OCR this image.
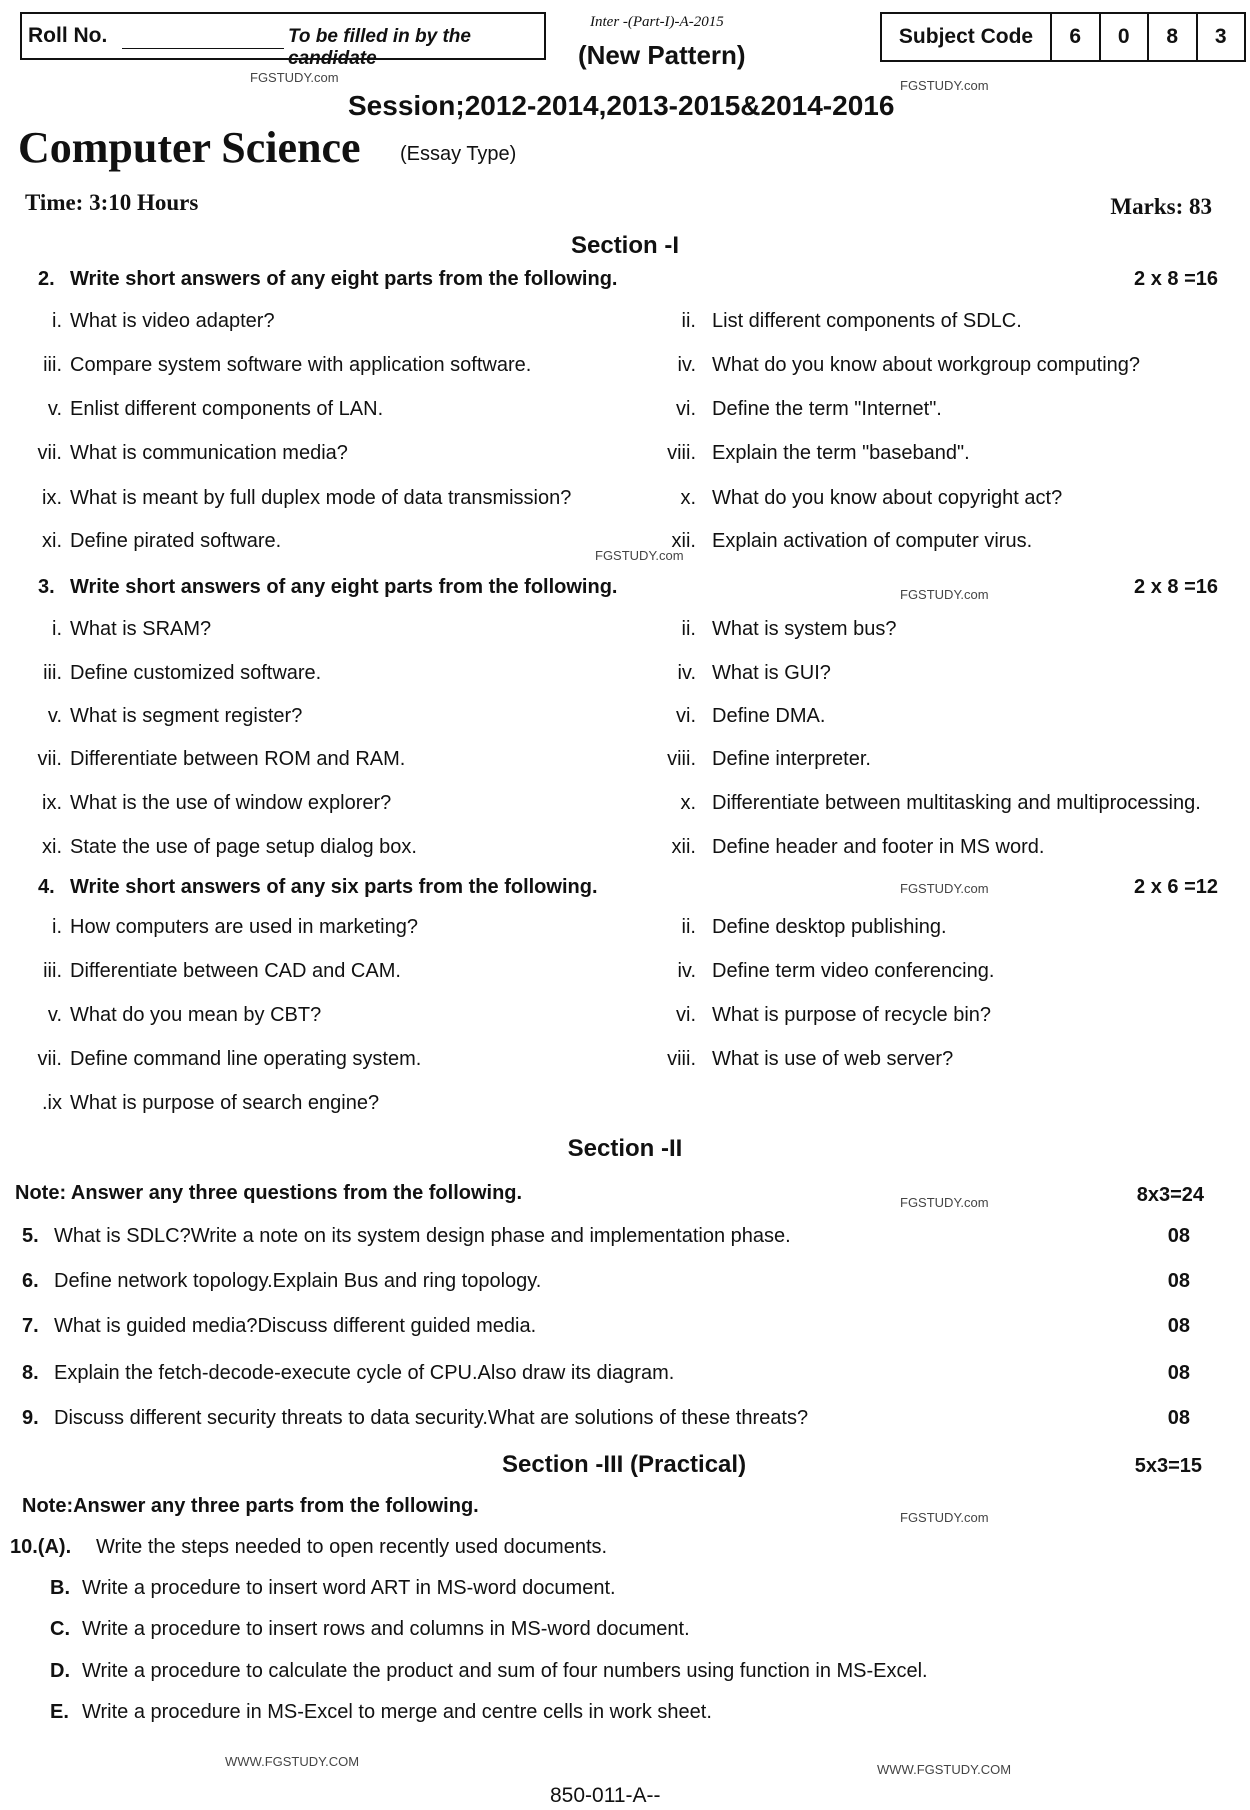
Roll No.	To be filled in by the candidate
Inter -(Part-I)-A-2015
(New Pattern)
Subject Code	6	0	8	3
FGSTUDY.com
FGSTUDY.com
Session;2012-2014,2013-2015&2014-2016
Computer Science (Essay Type)
Time: 3:10 Hours	Marks: 83
Section -I
2. Write short answers of any eight parts from the following.	2 x 8 =16
i. What is video adapter?	ii. List different components of SDLC.
iii. Compare system software with application software.	iv. What do you know about workgroup computing?
v. Enlist different components of LAN.	vi. Define the term "Internet".
vii. What is communication media?	viii. Explain the term "baseband".
ix. What is meant by full duplex mode of data transmission?	x. What do you know about copyright act?
xi. Define pirated software.	xii. Explain activation of computer virus.
3. Write short answers of any eight parts from the following.	2 x 8 =16
i. What is SRAM?	ii. What is system bus?
iii. Define customized software.	iv. What is GUI?
v. What is segment register?	vi. Define DMA.
vii. Differentiate between ROM and RAM.	viii. Define interpreter.
ix. What is the use of window explorer?	x. Differentiate between multitasking and multiprocessing.
xi. State the use of page setup dialog box.	xii. Define header and footer in MS word.
4. Write short answers of any six parts from the following.	2 x 6 =12
i. How computers are used in marketing?	ii. Define desktop publishing.
iii. Differentiate between CAD and CAM.	iv. Define term video conferencing.
v. What do you mean by CBT?	vi. What is purpose of recycle bin?
vii. Define command line operating system.	viii. What is use of web server?
.ix What is purpose of search engine?
Section -II
Note: Answer any three questions from the following.	8x3=24
5. What is SDLC?Write a note on its system design phase and implementation phase.	08
6. Define network topology.Explain Bus and ring topology.	08
7. What is guided media?Discuss different guided media.	08
8. Explain the fetch-decode-execute cycle of CPU.Also draw its diagram.	08
9. Discuss different security threats to data security.What are solutions of these threats?	08
Section -III (Practical)	5x3=15
Note:Answer any three parts from the following.
10.(A). Write the steps needed to open recently used documents.
B. Write a procedure to insert word ART in MS-word document.
C. Write a procedure to insert rows and columns in MS-word document.
D. Write a procedure to calculate the product and sum of four numbers using function in MS-Excel.
E. Write a procedure in MS-Excel to merge and centre cells in work sheet.
FGSTUDY.com
FGSTUDY.com
FGSTUDY.com
FGSTUDY.com
FGSTUDY.com
WWW.FGSTUDY.COM
WWW.FGSTUDY.COM
850-011-A--
